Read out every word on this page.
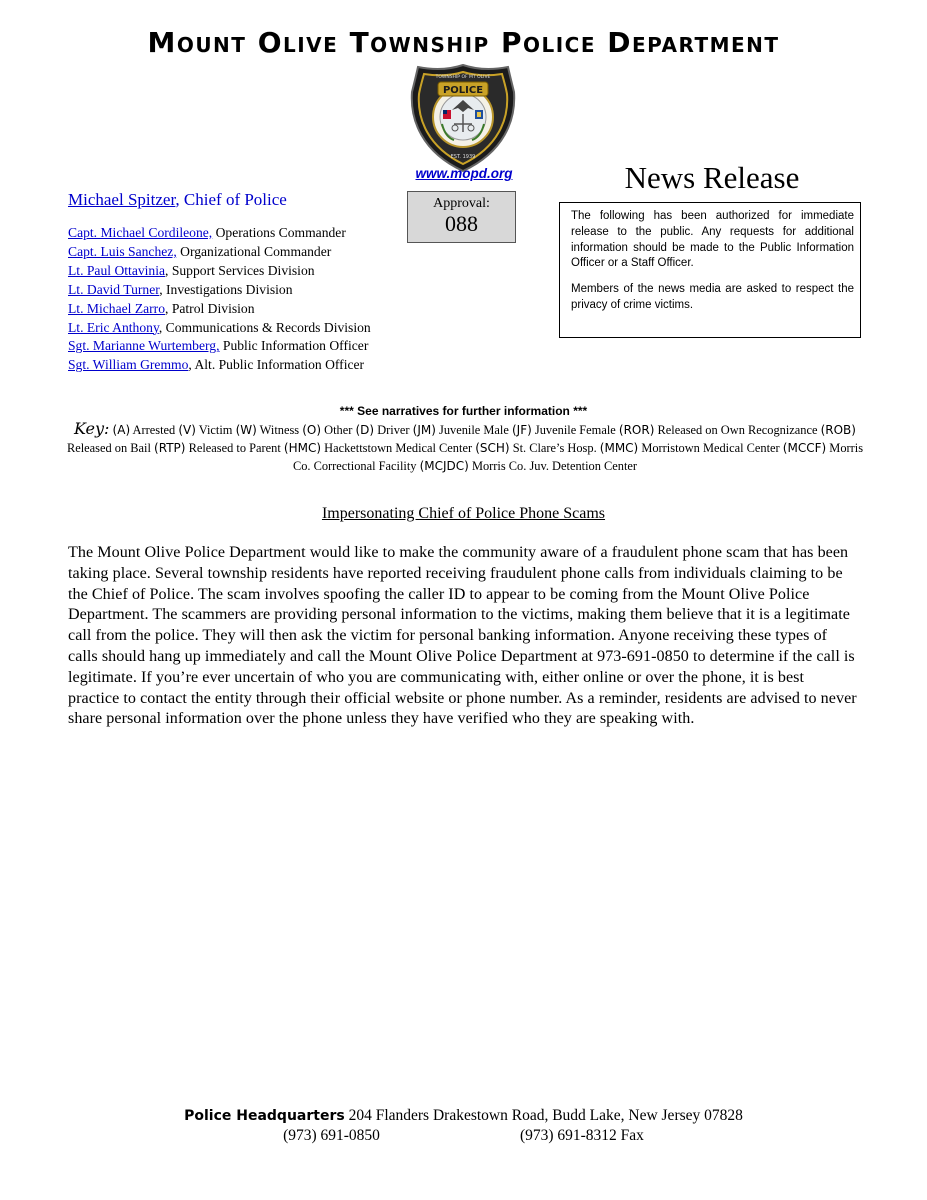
Mount Olive Township Police Department
POLICE
TOWNSHIP OF MT OLIVE
EST. 1939
www.mopd.org
Approval:
088
Michael Spitzer, Chief of Police
Capt. Michael Cordileone, Operations Commander
Capt. Luis Sanchez, Organizational Commander
Lt. Paul Ottavinia, Support Services Division
Lt. David Turner, Investigations Division
Lt. Michael Zarro, Patrol Division
Lt. Eric Anthony, Communications & Records Division
Sgt. Marianne Wurtemberg, Public Information Officer
Sgt. William Gremmo, Alt. Public Information Officer
News Release

The following has been authorized for immediate release to the public. Any requests for additional information should be made to the Public Information Officer or a Staff Officer.

Members of the news media are asked to respect the privacy of crime victims.

*** See narratives for further information ***
Key: (A) Arrested (V) Victim (W) Witness (O) Other (D) Driver (JM) Juvenile Male (JF) Juvenile Female (ROR) Released on Own Recognizance (ROB) Released on Bail (RTP) Released to Parent (HMC) Hackettstown Medical Center (SCH) St. Clare’s Hosp. (MMC) Morristown Medical Center (MCCF) Morris Co. Correctional Facility (MCJDC) Morris Co. Juv. Detention Center
Impersonating Chief of Police Phone Scams
The Mount Olive Police Department would like to make the community aware of a fraudulent phone scam that has been taking place. Several township residents have reported receiving fraudulent phone calls from individuals claiming to be the Chief of Police. The scam involves spoofing the caller ID to appear to be coming from the Mount Olive Police Department. The scammers are providing personal information to the victims, making them believe that it is a legitimate call from the police. They will then ask the victim for personal banking information. Anyone receiving these types of calls should hang up immediately and call the Mount Olive Police Department at 973-691-0850 to determine if the call is legitimate. If you’re ever uncertain of who you are communicating with, either online or over the phone, it is best practice to contact the entity through their official website or phone number. As a reminder, residents are advised to never share personal information over the phone unless they have verified who they are speaking with.
Police Headquarters 204 Flanders Drakestown Road, Budd Lake, New Jersey 07828
(973) 691-0850	(973) 691-8312 Fax
